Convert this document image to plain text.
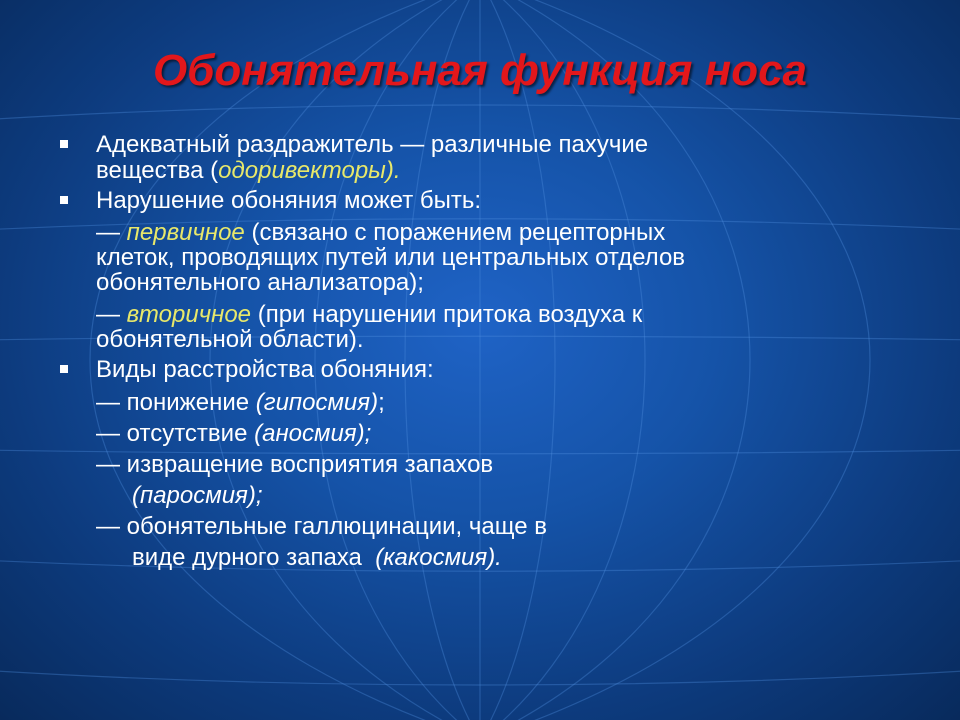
Обонятельная функция носа
Адекватный раздражитель — различные пахучие
вещества (одоривекторы).
Нарушение обоняния может быть:
— первичное (связано с поражением рецепторных
клеток, проводящих путей или центральных отделов
обонятельного анализатора);
— вторичное (при нарушении притока воздуха к
обонятельной области).
Виды расстройства обоняния:
— понижение (гипосмия);
— отсутствие (аносмия);
— извращение восприятия запахов
(паросмия);
— обонятельные галлюцинации, чаще в
виде дурного запаха  (какосмия).
